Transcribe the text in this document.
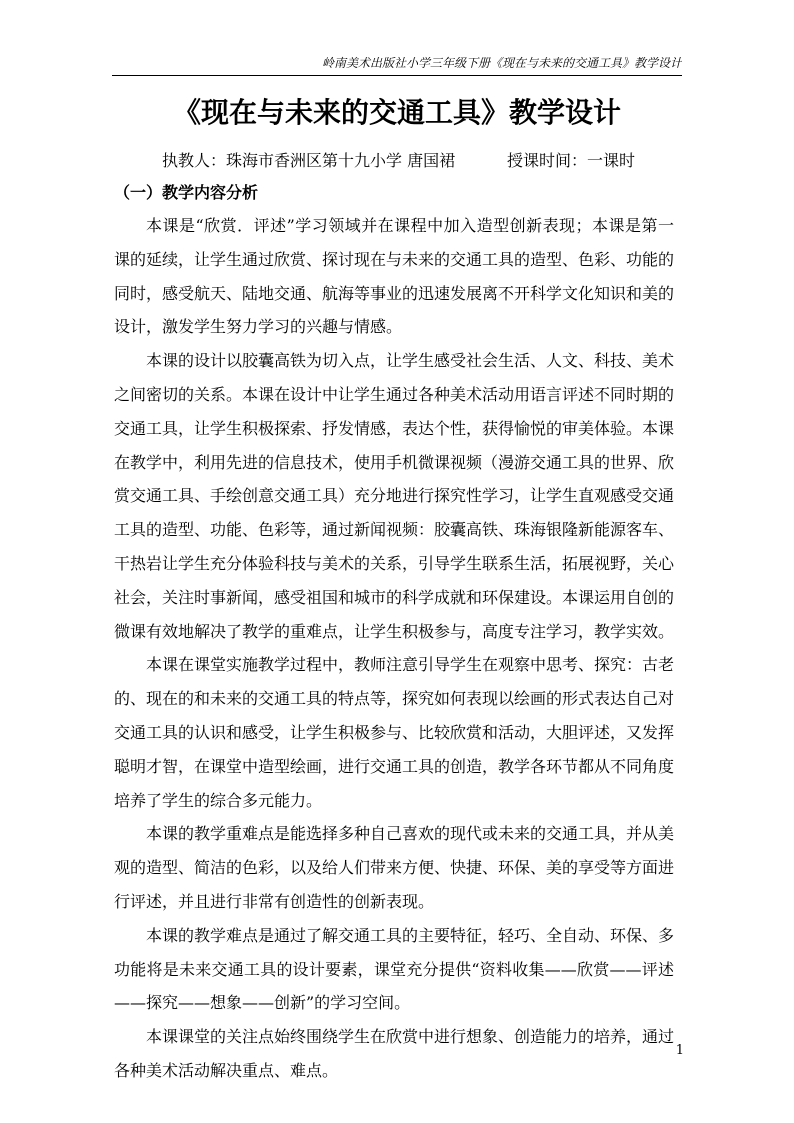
岭南美术出版社小学三年级下册《现在与未来的交通工具》教学设计
《现在与未来的交通工具》教学设计
执教人：珠海市香洲区第十九小学 唐国裙	授课时间：一课时
（一）教学内容分析

本课是“欣赏．评述”学习领域并在课程中加入造型创新表现；本课是第一课的延续，让学生通过欣赏、探讨现在与未来的交通工具的造型、色彩、功能的同时，感受航天、陆地交通、航海等事业的迅速发展离不开科学文化知识和美的设计，激发学生努力学习的兴趣与情感。

本课的设计以胶囊高铁为切入点，让学生感受社会生活、人文、科技、美术之间密切的关系。本课在设计中让学生通过各种美术活动用语言评述不同时期的交通工具，让学生积极探索、抒发情感，表达个性，获得愉悦的审美体验。本课在教学中，利用先进的信息技术，使用手机微课视频（漫游交通工具的世界、欣赏交通工具、手绘创意交通工具）充分地进行探究性学习，让学生直观感受交通工具的造型、功能、色彩等，通过新闻视频：胶囊高铁、珠海银隆新能源客车、干热岩让学生充分体验科技与美术的关系，引导学生联系生活，拓展视野，关心社会，关注时事新闻，感受祖国和城市的科学成就和环保建设。本课运用自创的微课有效地解决了教学的重难点，让学生积极参与，高度专注学习，教学实效。

本课在课堂实施教学过程中，教师注意引导学生在观察中思考、探究：古老的、现在的和未来的交通工具的特点等，探究如何表现以绘画的形式表达自己对交通工具的认识和感受，让学生积极参与、比较欣赏和活动，大胆评述，又发挥聪明才智，在课堂中造型绘画，进行交通工具的创造，教学各环节都从不同角度培养了学生的综合多元能力。

本课的教学重难点是能选择多种自己喜欢的现代或未来的交通工具，并从美观的造型、简洁的色彩，以及给人们带来方便、快捷、环保、美的享受等方面进行评述，并且进行非常有创造性的创新表现。

本课的教学难点是通过了解交通工具的主要特征，轻巧、全自动、环保、多功能将是未来交通工具的设计要素，课堂充分提供“资料收集——欣赏——评述——探究——想象——创新”的学习空间。

本课课堂的关注点始终围绕学生在欣赏中进行想象、创造能力的培养，通过各种美术活动解决重点、难点。

1
